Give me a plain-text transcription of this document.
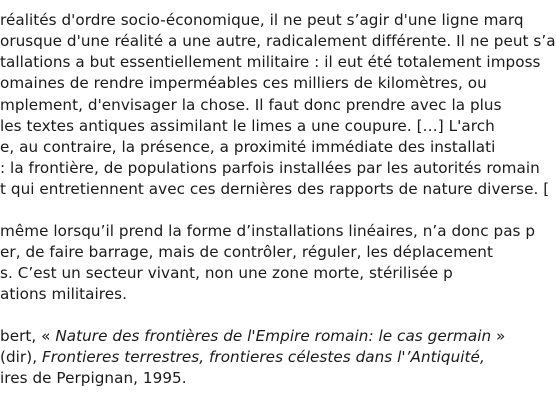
réalités d'ordre socio-économique, il ne peut s’agir d'une ligne marq
orusque d'une réalité a une autre, radicalement différente. Il ne peut s’a
tallations a but essentiellement militaire : il eut été totalement imposs
omaines de rendre imperméables ces milliers de kilomètres, ou
mplement, d'envisager la chose. Il faut donc prendre avec la plus
les textes antiques assimilant le limes a une coupure. […] L'arch
e, au contraire, la présence, a proximité immédiate des installati
: la frontière, de populations parfois installées par les autorités romain
t qui entretiennent avec ces dernières des rapports de nature diverse. [
même lorsqu’il prend la forme d’installations linéaires, n’a donc pas p
er, de faire barrage, mais de contrôler, réguler, les déplacement
s. C’est un secteur vivant, non une zone morte, stérilisée p
ations militaires.
bert, « Nature des frontières de l'Empire romain: le cas germain »
(dir), Frontieres terrestres, frontieres célestes dans l'’Antiquité,
ires de Perpignan, 1995.
